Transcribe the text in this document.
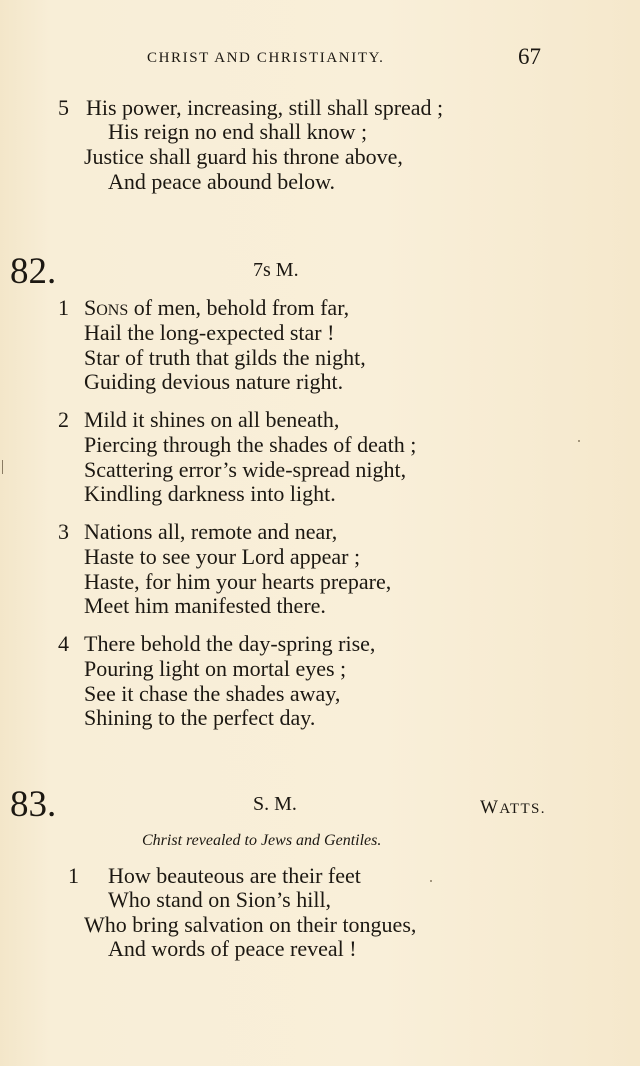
CHRIST AND CHRISTIANITY.	67
5 His power, increasing, still shall spread ;
His reign no end shall know ;
Justice shall guard his throne above,
And peace abound below.
82.	7s M.
1 SONS of men, behold from far,
Hail the long-expected star !
Star of truth that gilds the night,
Guiding devious nature right.
2 Mild it shines on all beneath,
Piercing through the shades of death ;
Scattering error’s wide-spread night,
Kindling darkness into light.
3 Nations all, remote and near,
Haste to see your Lord appear ;
Haste, for him your hearts prepare,
Meet him manifested there.
4 There behold the day-spring rise,
Pouring light on mortal eyes ;
See it chase the shades away,
Shining to the perfect day.
83.	S. M.	WATTS.
Christ revealed to Jews and Gentiles.
1 How beauteous are their feet
Who stand on Sion’s hill,
Who bring salvation on their tongues,
And words of peace reveal !
